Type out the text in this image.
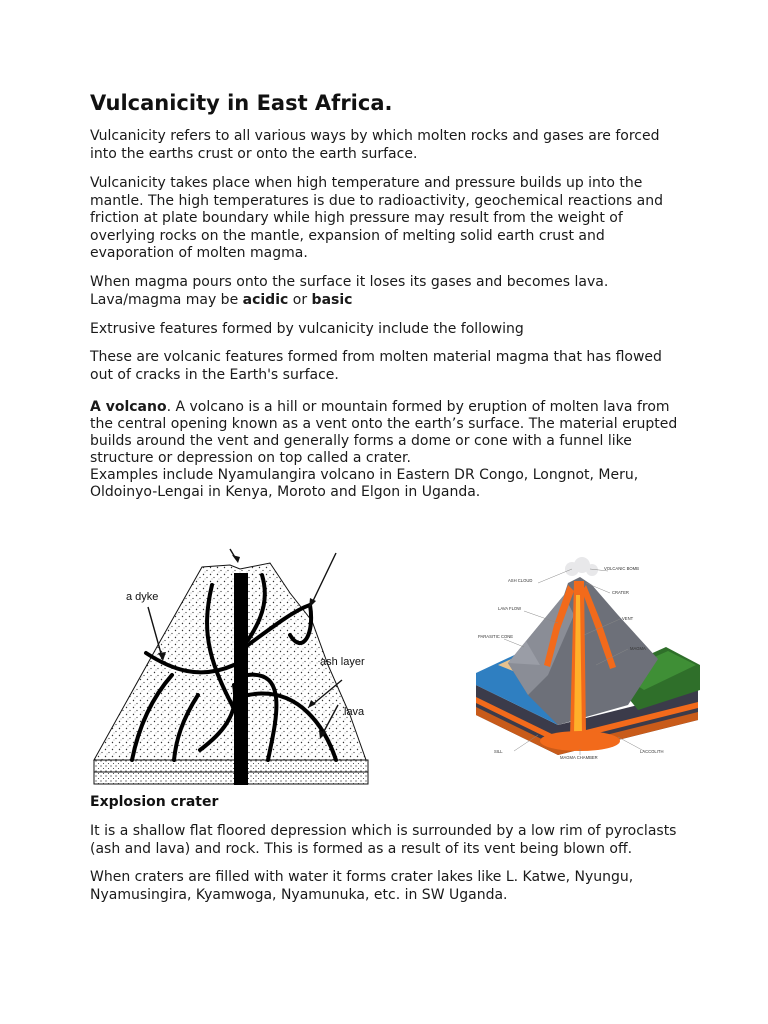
Vulcanicity in East Africa.

Vulcanicity refers to all various ways by which molten rocks and gases are forced into the earths crust or onto the earth surface.

Vulcanicity takes place when high temperature and pressure builds up into the mantle. The high temperatures is due to radioactivity, geochemical reactions and friction at plate boundary while high pressure may result from the weight of overlying rocks on the mantle, expansion of melting solid earth crust and evaporation of molten magma.

When magma pours onto the surface it loses its gases and becomes lava.
Lava/magma may be acidic or basic

Extrusive features formed by vulcanicity include the following

These are volcanic features formed from molten material magma that has flowed out of cracks in the Earth's surface.

A volcano. A volcano is a hill or mountain formed by eruption of molten lava from the central opening known as a vent onto the earth’s surface. The material erupted builds around the vent and generally forms a dome or cone with a funnel like structure or depression on top called a crater.
Examples include Nyamulangira volcano in Eastern DR Congo, Longnot, Meru, Oldoinyo-Lengai in Kenya, Moroto and Elgon in Uganda.

a dyke
ash layer
lava
ASH CLOUD
VOLCANIC BOMB
CRATER
LAVA FLOW
VENT
PARASITIC CONE
MAGMA
SILL
MAGMA CHAMBER
LACCOLITH
Explosion crater

It is a shallow flat floored depression which is surrounded by a low rim of pyroclasts (ash and lava) and rock. This is formed as a result of its vent being blown off.

When craters are filled with water it forms crater lakes like L. Katwe, Nyungu, Nyamusingira, Kyamwoga, Nyamunuka, etc. in SW Uganda.
